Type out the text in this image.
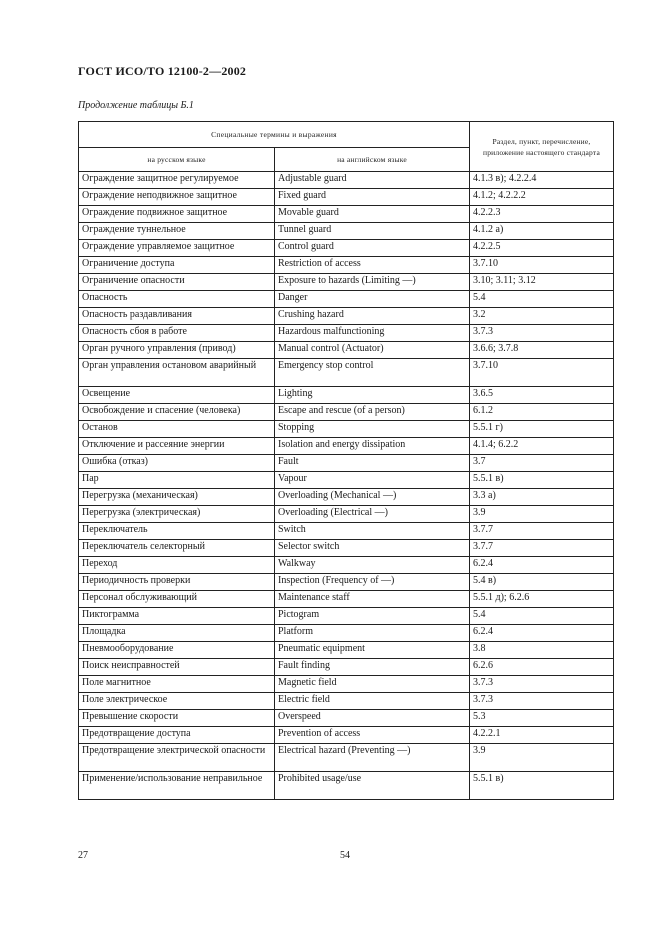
ГОСТ ИСО/ТО 12100-2—2002
Продолжение таблицы Б.1
Специальные термины и выражения		Раздел, пункт, перечисление, приложение настоящего стандарта
на русском языке	на английском языке	
Ограждение защитное регулируемое	Adjustable guard	4.1.3 в); 4.2.2.4
Ограждение неподвижное защитное	Fixed guard	4.1.2; 4.2.2.2
Ограждение подвижное защитное	Movable guard	4.2.2.3
Ограждение туннельное	Tunnel guard	4.1.2 а)
Ограждение управляемое защитное	Control guard	4.2.2.5
Ограничение доступа	Restriction of access	3.7.10
Ограничение опасности	Exposure to hazards (Limiting —)	3.10; 3.11; 3.12
Опасность	Danger	5.4
Опасность раздавливания	Crushing hazard	3.2
Опасность сбоя в работе	Hazardous malfunctioning	3.7.3
Орган ручного управления (привод)	Manual control (Actuator)	3.6.6; 3.7.8
Орган управления остановом аварийный	Emergency stop control	3.7.10
Освещение	Lighting	3.6.5
Освобождение и спасение (человека)	Escape and rescue (of a person)	6.1.2
Останов	Stopping	5.5.1 г)
Отключение и рассеяние энергии	Isolation and energy dissipation	4.1.4; 6.2.2
Ошибка (отказ)	Fault	3.7
Пар	Vapour	5.5.1 в)
Перегрузка (механическая)	Overloading (Mechanical —)	3.3 а)
Перегрузка (электрическая)	Overloading (Electrical —)	3.9
Переключатель	Switch	3.7.7
Переключатель селекторный	Selector switch	3.7.7
Переход	Walkway	6.2.4
Периодичность проверки	Inspection (Frequency of —)	5.4 в)
Персонал обслуживающий	Maintenance staff	5.5.1 д); 6.2.6
Пиктограмма	Pictogram	5.4
Площадка	Platform	6.2.4
Пневмооборудование	Pneumatic equipment	3.8
Поиск неисправностей	Fault finding	6.2.6
Поле магнитное	Magnetic field	3.7.3
Поле электрическое	Electric field	3.7.3
Превышение скорости	Overspeed	5.3
Предотвращение доступа	Prevention of access	4.2.2.1
Предотвращение электрической опасности	Electrical hazard (Preventing —)	3.9
Применение/использование неправильное	Prohibited usage/use	5.5.1 в)
27	54
